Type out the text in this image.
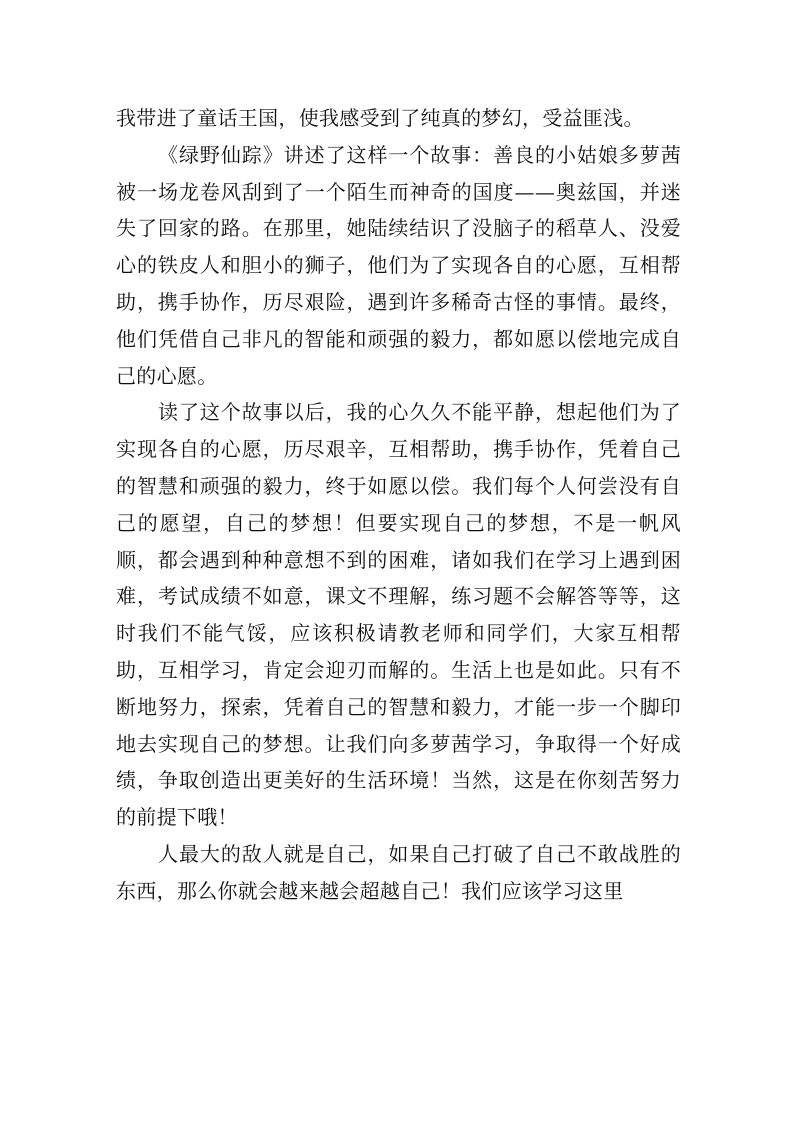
我带进了童话王国，使我感受到了纯真的梦幻，受益匪浅。

《绿野仙踪》讲述了这样一个故事：善良的小姑娘多萝茜被一场龙卷风刮到了一个陌生而神奇的国度——奥兹国，并迷失了回家的路。在那里，她陆续结识了没脑子的稻草人、没爱心的铁皮人和胆小的狮子，他们为了实现各自的心愿，互相帮助，携手协作，历尽艰险，遇到许多稀奇古怪的事情。最终，他们凭借自己非凡的智能和顽强的毅力，都如愿以偿地完成自己的心愿。

读了这个故事以后，我的心久久不能平静，想起他们为了实现各自的心愿，历尽艰辛，互相帮助，携手协作，凭着自己的智慧和顽强的毅力，终于如愿以偿。我们每个人何尝没有自己的愿望，自己的梦想！但要实现自己的梦想，不是一帆风顺，都会遇到种种意想不到的困难，诸如我们在学习上遇到困难，考试成绩不如意，课文不理解，练习题不会解答等等，这时我们不能气馁，应该积极请教老师和同学们，大家互相帮助，互相学习，肯定会迎刃而解的。生活上也是如此。只有不断地努力，探索，凭着自己的智慧和毅力，才能一步一个脚印地去实现自己的梦想。让我们向多萝茜学习，争取得一个好成绩，争取创造出更美好的生活环境！当然，这是在你刻苦努力的前提下哦！

人最大的敌人就是自己，如果自己打破了自己不敢战胜的东西，那么你就会越来越会超越自己！我们应该学习这里
